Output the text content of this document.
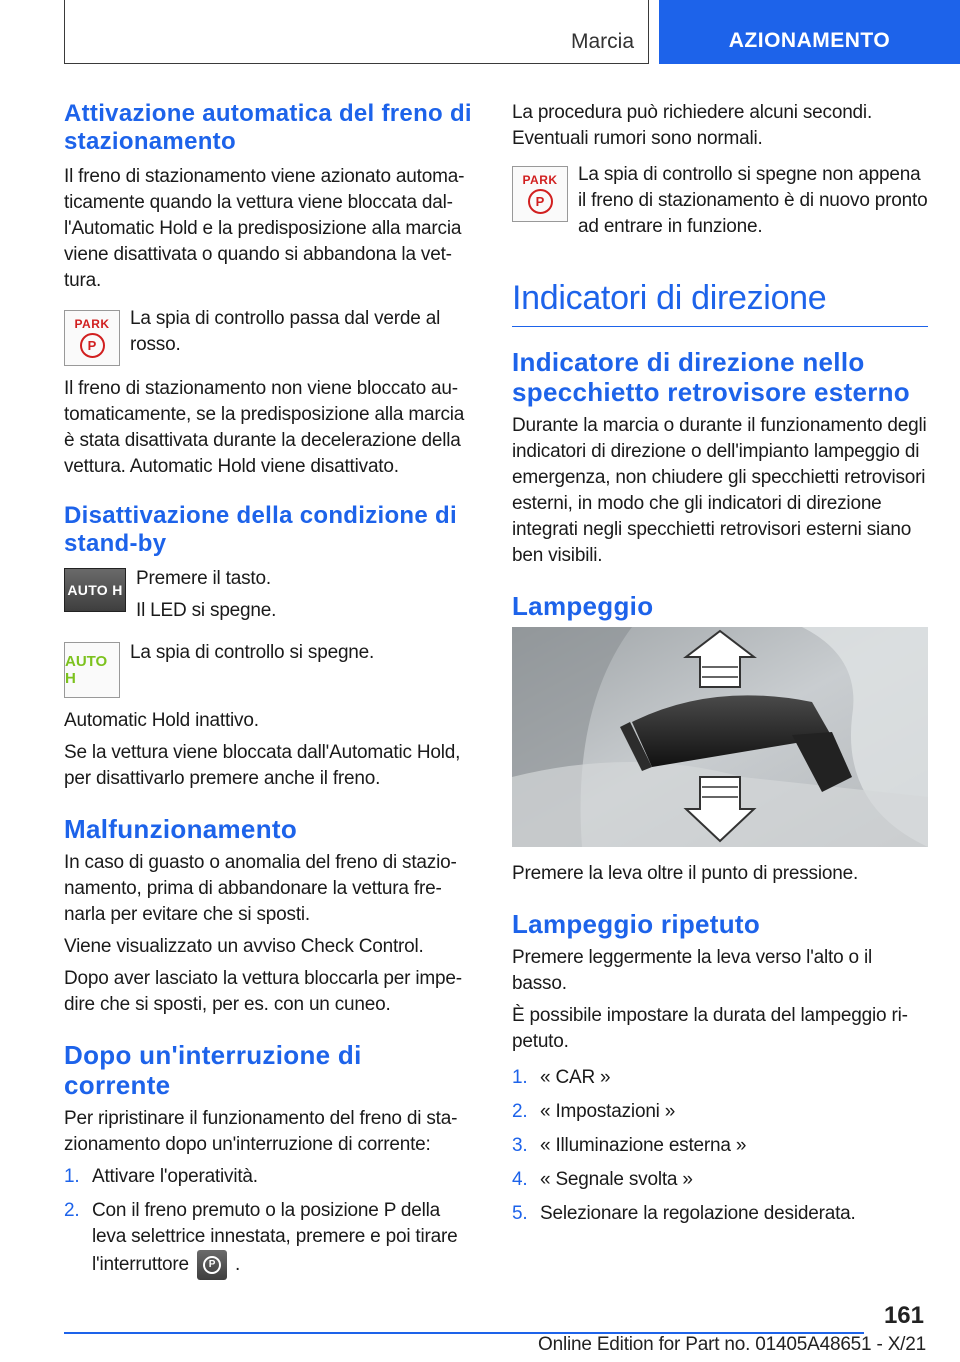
Marcia	AZIONAMENTO
Attivazione automatica del freno di stazionamento

Il freno di stazionamento viene azionato automaticamente quando la vettura viene bloccata dall'Automatic Hold e la predisposizione alla marcia viene disattivata o quando si abbandona la vettura.

PARK
P

La spia di controllo passa dal verde al rosso.

Il freno di stazionamento non viene bloccato automaticamente, se la predisposizione alla marcia è stata disattivata durante la decelerazione della vettura. Automatic Hold viene disattivato.

Disattivazione della condizione di stand-by
AUTO H

Premere il tasto.

Il LED si spegne.

AUTO H

La spia di controllo si spegne.

Automatic Hold inattivo.

Se la vettura viene bloccata dall'Automatic Hold, per disattivarlo premere anche il freno.

Malfunzionamento

In caso di guasto o anomalia del freno di stazionamento, prima di abbandonare la vettura frenarla per evitare che si sposti.

Viene visualizzato un avviso Check Control.

Dopo aver lasciato la vettura bloccarla per impedire che si sposti, per es. con un cuneo.

Dopo un'interruzione di corrente

Per ripristinare il funzionamento del freno di stazionamento dopo un'interruzione di corrente:

1. Attivare l'operatività.
2. Con il freno premuto o la posizione P della leva selettrice innestata, premere e poi tirare l'interruttore	P	.

La procedura può richiedere alcuni secondi. Eventuali rumori sono normali.

PARK
P

La spia di controllo si spegne non appena il freno di stazionamento è di nuovo pronto ad entrare in funzione.

Indicatori di direzione
Indicatore di direzione nello specchietto retrovisore esterno

Durante la marcia o durante il funzionamento degli indicatori di direzione o dell'impianto lampeggio di emergenza, non chiudere gli specchietti retrovisori esterni, in modo che gli indicatori di direzione integrati negli specchietti retrovisori esterni siano ben visibili.

Lampeggio

Premere la leva oltre il punto di pressione.

Lampeggio ripetuto

Premere leggermente la leva verso l'alto o il basso.

È possibile impostare la durata del lampeggio ripetuto.

1. « CAR »
2. « Impostazioni »
3. « Illuminazione esterna »
4. « Segnale svolta »
5. Selezionare la regolazione desiderata.
161
Online Edition for Part no. 01405A48651 - X/21
